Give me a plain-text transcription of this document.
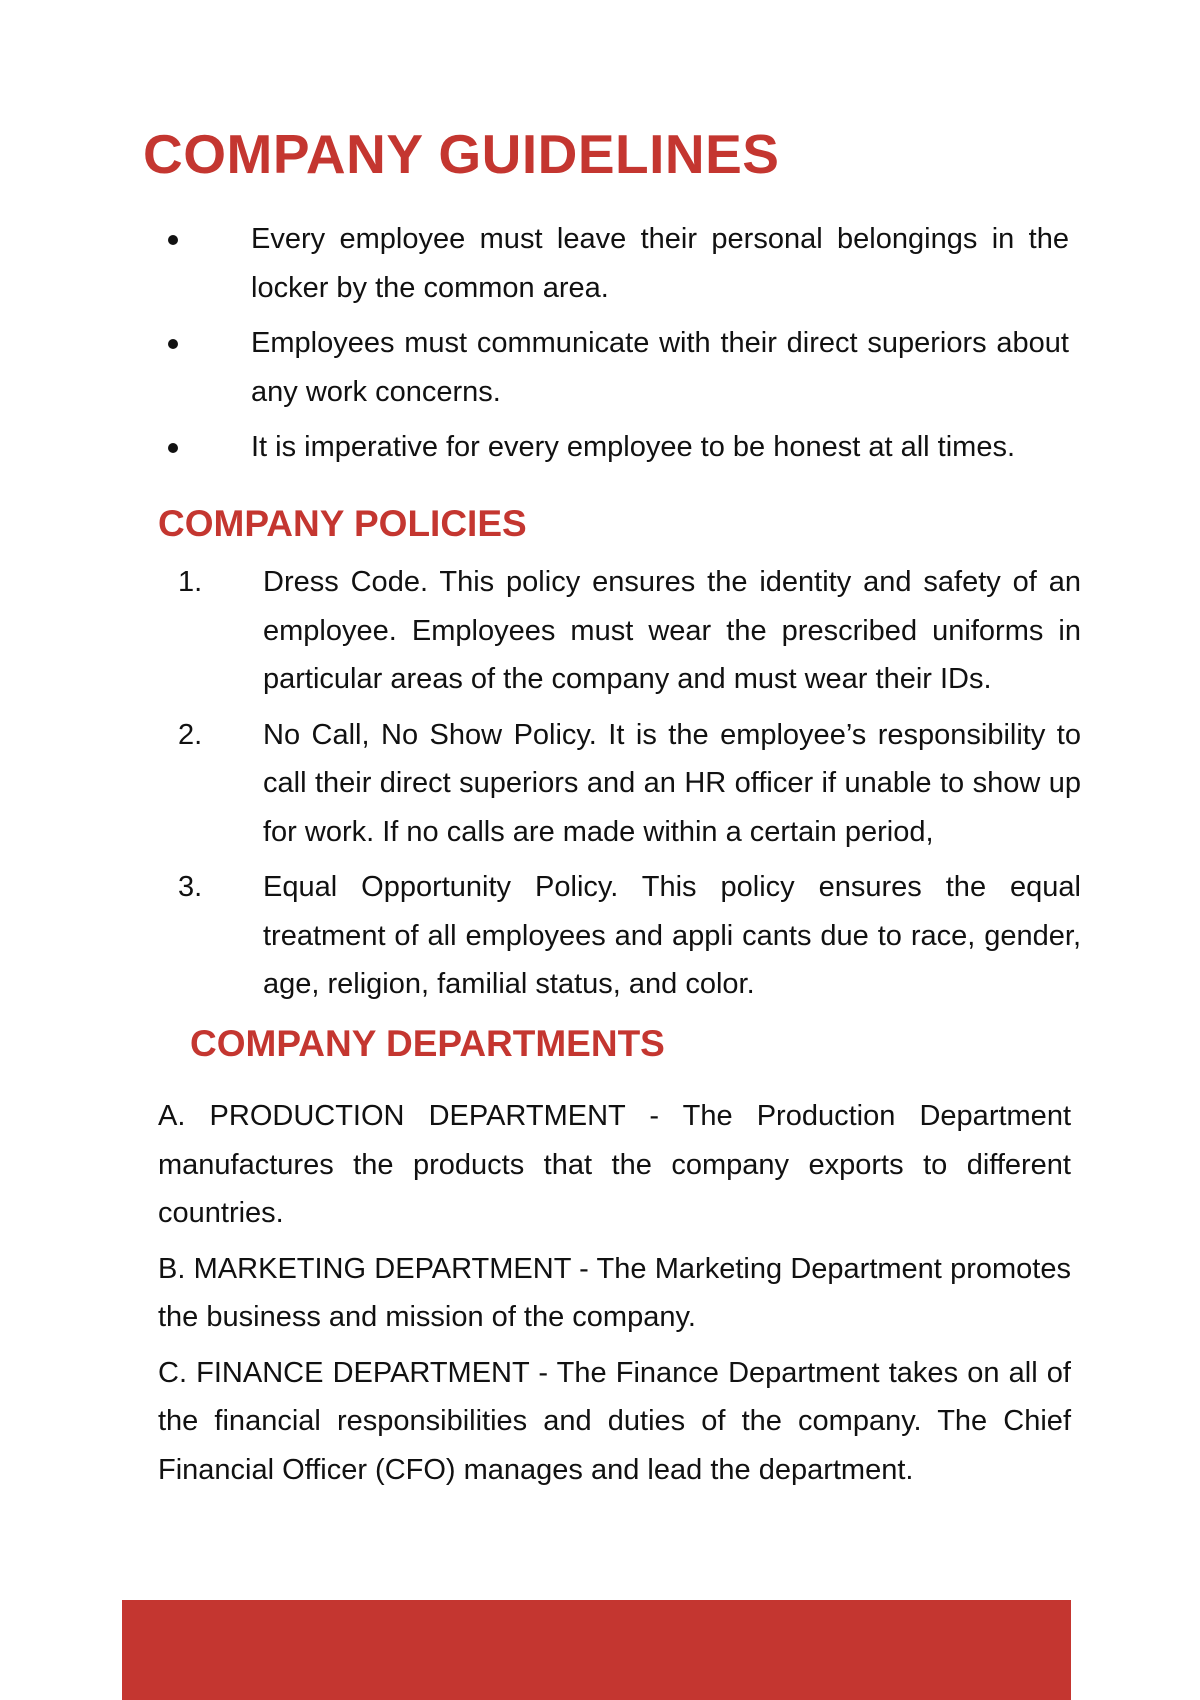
COMPANY GUIDELINES
Every employee must leave their personal belongings in the locker by the common area.
Employees must communicate with their direct superiors about any work concerns.
It is imperative for every employee to be honest at all times.
COMPANY POLICIES
1. Dress Code. This policy ensures the identity and safety of an employee. Employees must wear the prescribed uniforms in particular areas of the company and must wear their IDs.
2. No Call, No Show Policy. It is the employee’s responsibility to call their direct superiors and an HR officer if unable to show up for work. If no calls are made within a certain period,
3. Equal Opportunity Policy. This policy ensures the equal treatment of all employees and appli cants due to race, gender, age, religion, familial status, and color.
COMPANY DEPARTMENTS

A. PRODUCTION DEPARTMENT - The Production Department manufactures the products that the company exports to different countries.

B. MARKETING DEPARTMENT - The Marketing Department promotes the business and mission of the company.

C. FINANCE DEPARTMENT - The Finance Department takes on all of the financial responsibilities and duties of the company. The Chief Financial Officer (CFO) manages and lead the department.
